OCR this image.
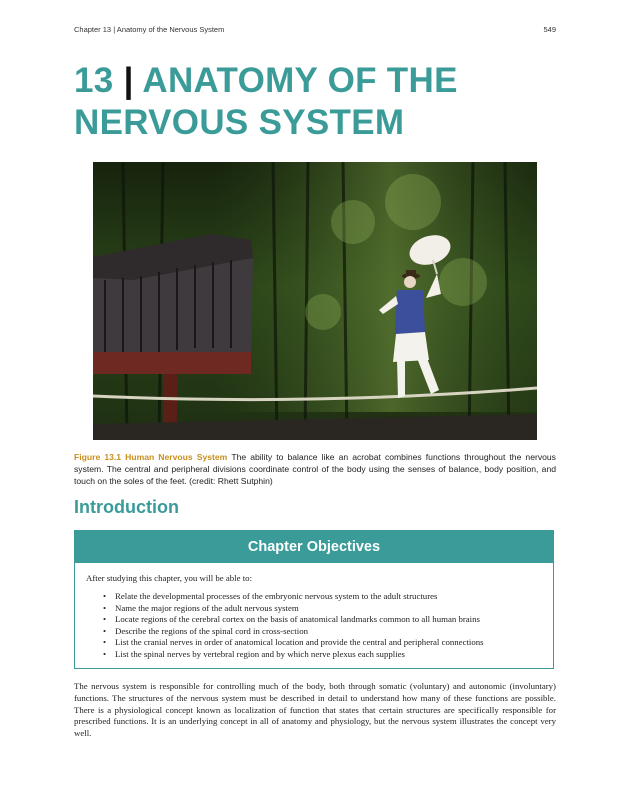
Chapter 13 | Anatomy of the Nervous System	549
13 | ANATOMY OF THE NERVOUS SYSTEM
Figure 13.1 Human Nervous System The ability to balance like an acrobat combines functions throughout the nervous system. The central and peripheral divisions coordinate control of the body using the senses of balance, body position, and touch on the soles of the feet. (credit: Rhett Sutphin)
Introduction
Chapter Objectives

After studying this chapter, you will be able to:

• Relate the developmental processes of the embryonic nervous system to the adult structures
• Name the major regions of the adult nervous system
• Locate regions of the cerebral cortex on the basis of anatomical landmarks common to all human brains
• Describe the regions of the spinal cord in cross-section
• List the cranial nerves in order of anatomical location and provide the central and peripheral connections
• List the spinal nerves by vertebral region and by which nerve plexus each supplies

The nervous system is responsible for controlling much of the body, both through somatic (voluntary) and autonomic (involuntary) functions. The structures of the nervous system must be described in detail to understand how many of these functions are possible. There is a physiological concept known as localization of function that states that certain structures are specifically responsible for prescribed functions. It is an underlying concept in all of anatomy and physiology, but the nervous system illustrates the concept very well.
